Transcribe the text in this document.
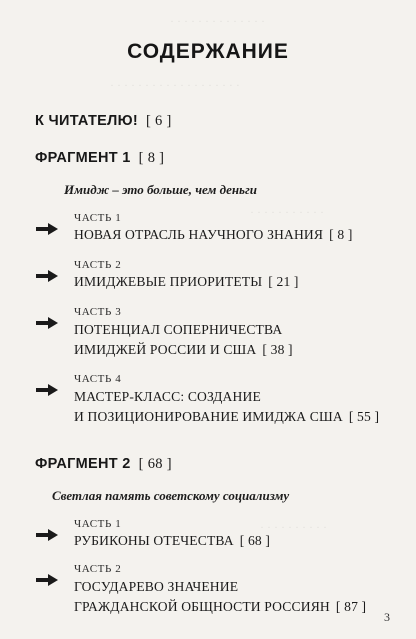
· · · · · · · · · · · · · ·
· · · · · · · · · · · · · · · · · · ·
· · · · · · · · · · ·
· · · · · · · · · ·
СОДЕРЖАНИЕ
К ЧИТАТЕЛЮ! [ 6 ]
ФРАГМЕНТ 1 [ 8 ]
Имидж – это больше, чем деньги
ЧАСТЬ 1
НОВАЯ ОТРАСЛЬ НАУЧНОГО ЗНАНИЯ [ 8 ]
ЧАСТЬ 2
ИМИДЖЕВЫЕ ПРИОРИТЕТЫ [ 21 ]
ЧАСТЬ 3
ПОТЕНЦИАЛ СОПЕРНИЧЕСТВА
ИМИДЖЕЙ РОССИИ И США [ 38 ]
ЧАСТЬ 4
МАСТЕР-КЛАСС: СОЗДАНИЕ
И ПОЗИЦИОНИРОВАНИЕ ИМИДЖА США [ 55 ]
ФРАГМЕНТ 2 [ 68 ]
Светлая память советскому социализму
ЧАСТЬ 1
РУБИКОНЫ ОТЕЧЕСТВА [ 68 ]
ЧАСТЬ 2
ГОСУДАРЕВО ЗНАЧЕНИЕ
ГРАЖДАНСКОЙ ОБЩНОСТИ РОССИЯН [ 87 ]
3
